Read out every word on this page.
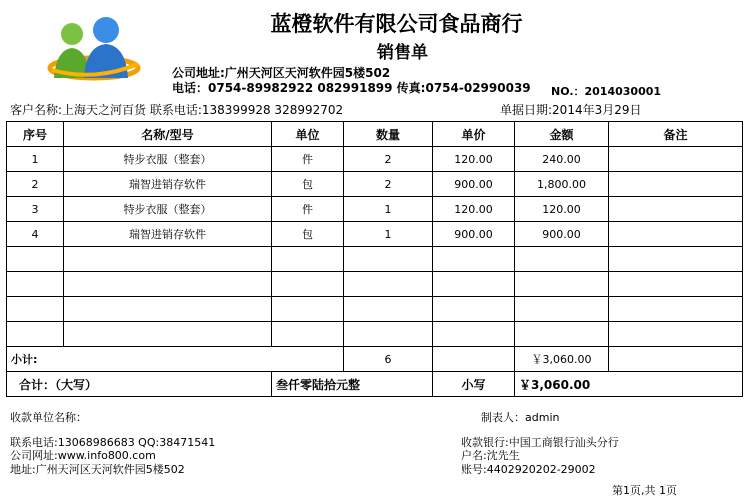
蓝橙软件有限公司食品商行
销售单
公司地址:广州天河区天河软件园5楼502
电话：0754-89982922 082991899 传真:0754-02990039 NO.：2014030001
客户名称:上海天之河百货 联系电话:138399928 328992702	单据日期:2014年3月29日
序号	名称/型号	单位	数量	单价	金额	备注
1	特步衣服（整套）	件	2	120.00	240.00	
2	瑞智进销存软件	包	2	900.00	1,800.00	
3	特步衣服（整套）	件	1	120.00	120.00	
4	瑞智进销存软件	包	1	900.00	900.00	

小计:			6		￥3,060.00	
合计：（大写）		叁仟零陆拾元整		小写	￥3,060.00	
收款单位名称：	制表人：admin
联系电话:13068986683 QQ:38471541	收款银行:中国工商银行汕头分行
公司网址:www.info800.com	户名:沈先生
地址:广州天河区天河软件园5楼502	账号:4402920202-29002
第1页,共 1页
